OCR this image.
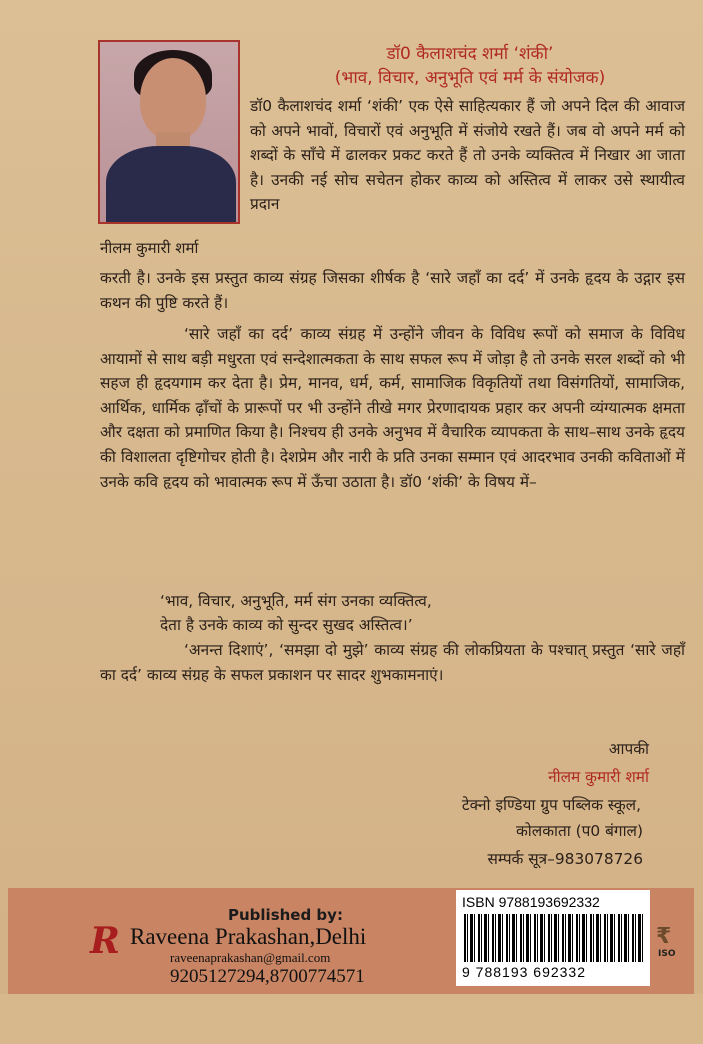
नीलम कुमारी शर्मा
डॉ0 कैलाशचंद शर्मा ‘शंकी’
(भाव, विचार, अनुभूति एवं मर्म के संयोजक)

डॉ0 कैलाशचंद शर्मा ‘शंकी’ एक ऐसे साहित्यकार हैं जो अपने दिल की आवाज को अपने भावों, विचारों एवं अनुभूति में संजोये रखते हैं। जब वो अपने मर्म को शब्दों के साँचे में ढालकर प्रकट करते हैं तो उनके व्यक्तित्व में निखार आ जाता है। उनकी नई सोच सचेतन होकर काव्य को अस्तित्व में लाकर उसे स्थायीत्व प्रदान

करती है। उनके इस प्रस्तुत काव्य संग्रह जिसका शीर्षक है ‘सारे जहाँ का दर्द’ में उनके हृदय के उद्गार इस कथन की पुष्टि करते हैं।

‘सारे जहाँ का दर्द’ काव्य संग्रह में उन्होंने जीवन के विविध रूपों को समाज के विविध आयामों से साथ बड़ी मधुरता एवं सन्देशात्मकता के साथ सफल रूप में जोड़ा है तो उनके सरल शब्दों को भी सहज ही हृदयगाम कर देता है। प्रेम, मानव, धर्म, कर्म, सामाजिक विकृतियों तथा विसंगतियों, सामाजिक, आर्थिक, धार्मिक ढ़ाँचों के प्रारूपों पर भी उन्होंने तीखे मगर प्रेरणादायक प्रहार कर अपनी व्यंग्यात्मक क्षमता और दक्षता को प्रमाणित किया है। निश्चय ही उनके अनुभव में वैचारिक व्यापकता के साथ–साथ उनके हृदय की विशालता दृष्टिगोचर होती है। देशप्रेम और नारी के प्रति उनका सम्मान एवं आदरभाव उनकी कविताओं में उनके कवि हृदय को भावात्मक रूप में ऊँचा उठाता है। डॉ0 ‘शंकी’ के विषय में–

‘भाव, विचार, अनुभूति, मर्म संग उनका व्यक्तित्व,
देता है उनके काव्य को सुन्दर सुखद अस्तित्व।’

‘अनन्त दिशाएं’, ‘समझा दो मुझे’ काव्य संग्रह की लोकप्रियता के पश्चात् प्रस्तुत ‘सारे जहाँ का दर्द’ काव्य संग्रह के सफल प्रकाशन पर सादर शुभकामनाएं।

आपकी
नीलम कुमारी शर्मा
टेक्नो इण्डिया ग्रुप पब्लिक स्कूल,
कोलकाता (प0 बंगाल)
सम्पर्क सूत्र–983078726
Published by:
R Raveena Prakashan,Delhi
raveenaprakashan@gmail.com
9205127294,8700774571
ISBN 9788193692332
9 788193 692332
₹
ISO
